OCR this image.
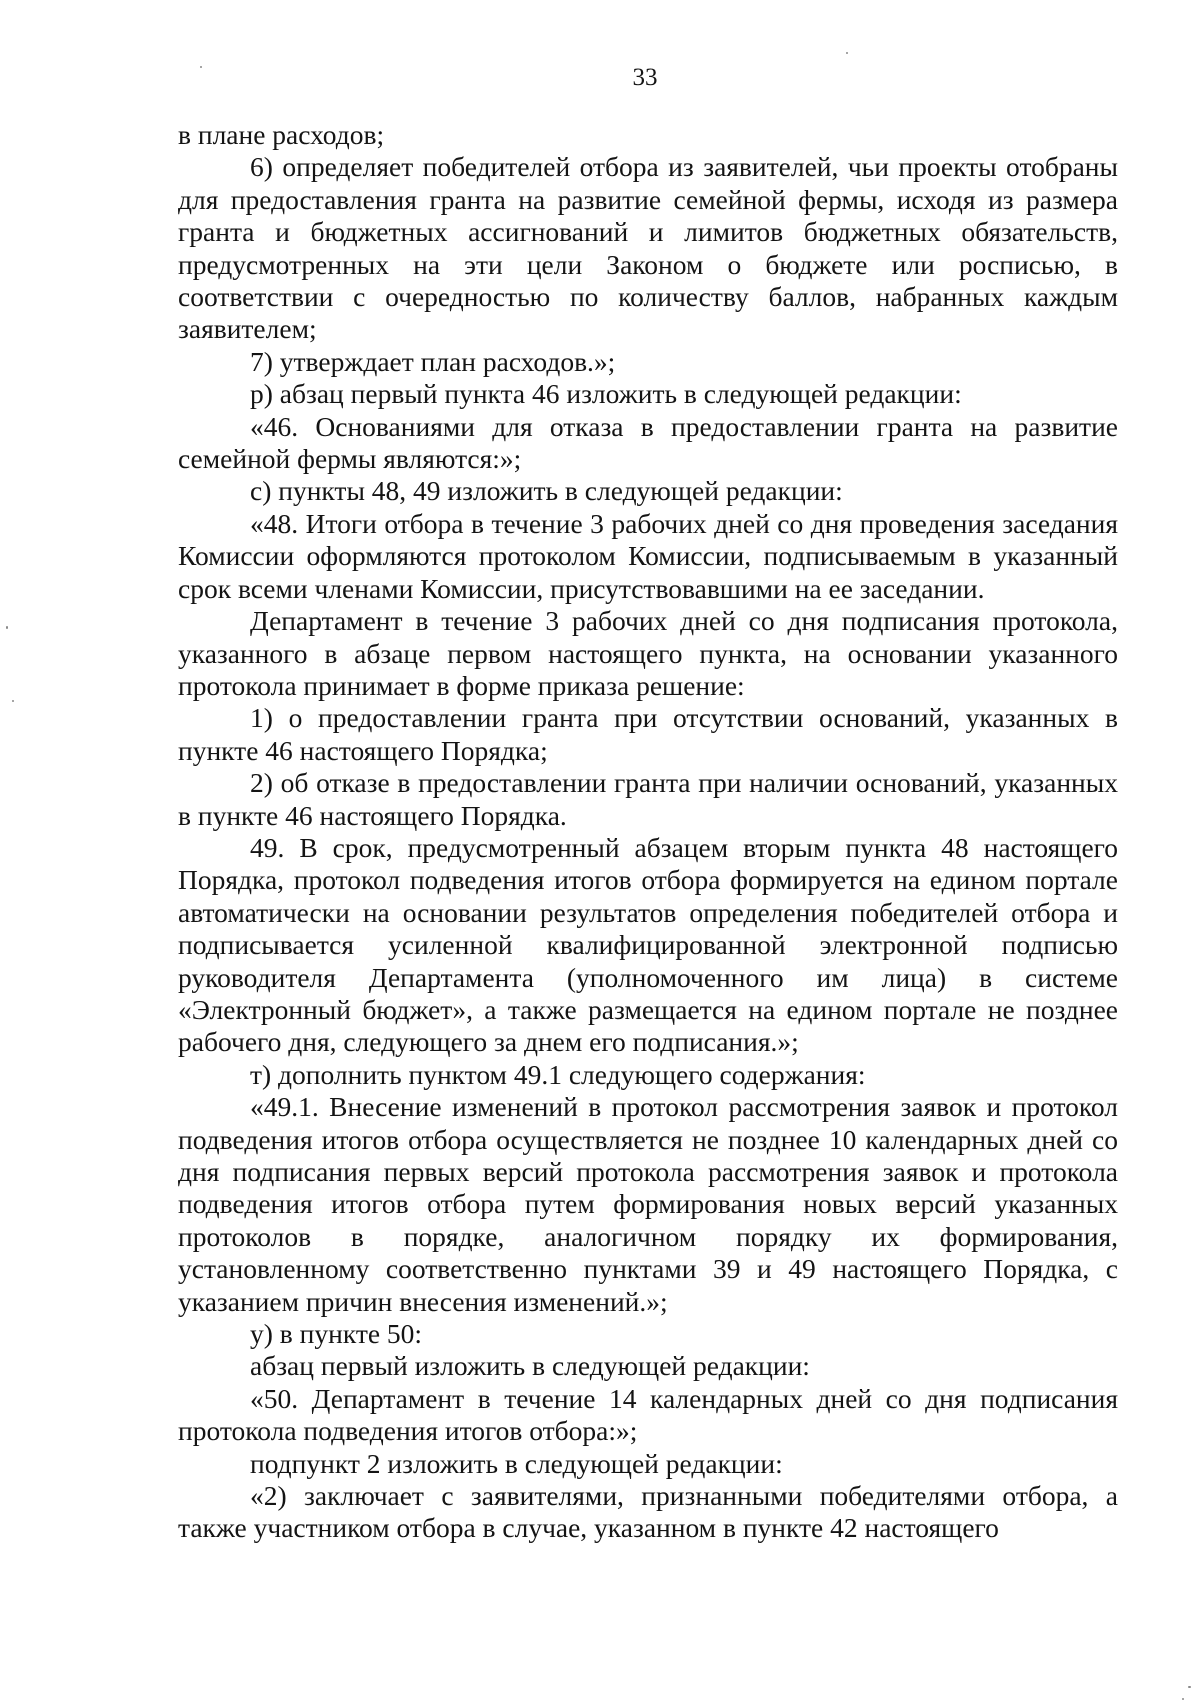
33

в плане расходов;

6) определяет победителей отбора из заявителей, чьи проекты отобраны для предоставления гранта на развитие семейной фермы, исходя из размера гранта и бюджетных ассигнований и лимитов бюджетных обязательств, предусмотренных на эти цели Законом о бюджете или росписью, в соответствии с очередностью по количеству баллов, набранных каждым заявителем;

7) утверждает план расходов.»;

р) абзац первый пункта 46 изложить в следующей редакции:

«46. Основаниями для отказа в предоставлении гранта на развитие семейной фермы являются:»;

с) пункты 48, 49 изложить в следующей редакции:

«48. Итоги отбора в течение 3 рабочих дней со дня проведения заседания Комиссии оформляются протоколом Комиссии, подписываемым в указанный срок всеми членами Комиссии, присутствовавшими на ее заседании.

Департамент в течение 3 рабочих дней со дня подписания протокола, указанного в абзаце первом настоящего пункта, на основании указанного протокола принимает в форме приказа решение:

1) о предоставлении гранта при отсутствии оснований, указанных в пункте 46 настоящего Порядка;

2) об отказе в предоставлении гранта при наличии оснований, указанных в пункте 46 настоящего Порядка.

49. В срок, предусмотренный абзацем вторым пункта 48 настоящего Порядка, протокол подведения итогов отбора формируется на едином портале автоматически на основании результатов определения победителей отбора и подписывается усиленной квалифицированной электронной подписью руководителя Департамента (уполномоченного им лица) в системе «Электронный бюджет», а также размещается на едином портале не позднее рабочего дня, следующего за днем его подписания.»;

т) дополнить пунктом 49.1 следующего содержания:

«49.1. Внесение изменений в протокол рассмотрения заявок и протокол подведения итогов отбора осуществляется не позднее 10 календарных дней со дня подписания первых версий протокола рассмотрения заявок и протокола подведения итогов отбора путем формирования новых версий указанных протоколов в порядке, аналогичном порядку их формирования, установленному соответственно пунктами 39 и 49 настоящего Порядка, с указанием причин внесения изменений.»;

у) в пункте 50:

абзац первый изложить в следующей редакции:

«50. Департамент в течение 14 календарных дней со дня подписания протокола подведения итогов отбора:»;

подпункт 2 изложить в следующей редакции:

«2) заключает с заявителями, признанными победителями отбора, а также участником отбора в случае, указанном в пункте 42 настоящего
